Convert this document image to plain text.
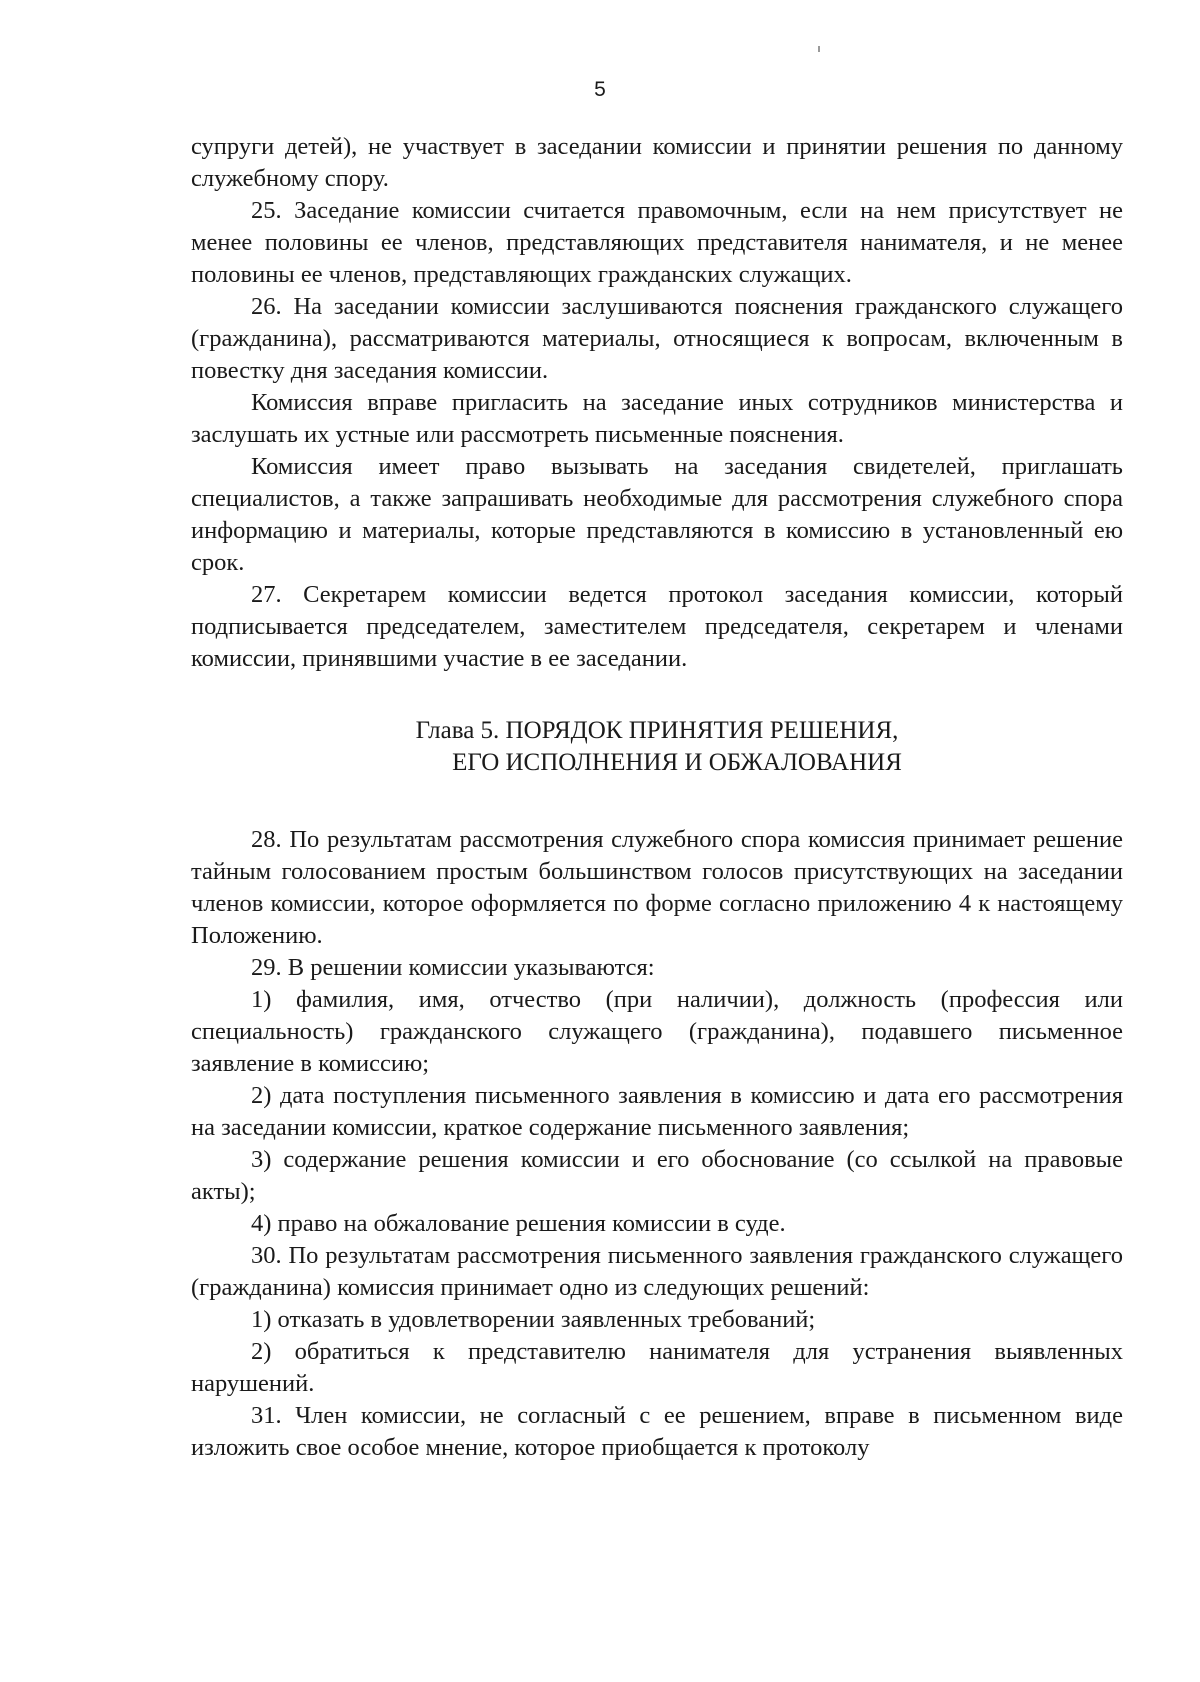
5

супруги детей), не участвует в заседании комиссии и принятии решения по данному служебному спору.

25. Заседание комиссии считается правомочным, если на нем присутствует не менее половины ее членов, представляющих представителя нанимателя, и не менее половины ее членов, представляющих гражданских служащих.

26. На заседании комиссии заслушиваются пояснения гражданского служащего (гражданина), рассматриваются материалы, относящиеся к вопросам, включенным в повестку дня заседания комиссии.

Комиссия вправе пригласить на заседание иных сотрудников министерства и заслушать их устные или рассмотреть письменные пояснения.

Комиссия имеет право вызывать на заседания свидетелей, приглашать специалистов, а также запрашивать необходимые для рассмотрения служебного спора информацию и материалы, которые представляются в комиссию в установленный ею срок.

27. Секретарем комиссии ведется протокол заседания комиссии, который подписывается председателем, заместителем председателя, секретарем и членами комиссии, принявшими участие в ее заседании.

Глава 5. ПОРЯДОК ПРИНЯТИЯ РЕШЕНИЯ,
ЕГО ИСПОЛНЕНИЯ И ОБЖАЛОВАНИЯ

28. По результатам рассмотрения служебного спора комиссия принимает решение тайным голосованием простым большинством голосов присутствующих на заседании членов комиссии, которое оформляется по форме согласно приложению 4 к настоящему Положению.

29. В решении комиссии указываются:

1) фамилия, имя, отчество (при наличии), должность (профессия или специальность) гражданского служащего (гражданина), подавшего письменное заявление в комиссию;

2) дата поступления письменного заявления в комиссию и дата его рассмотрения на заседании комиссии, краткое содержание письменного заявления;

3) содержание решения комиссии и его обоснование (со ссылкой на правовые акты);

4) право на обжалование решения комиссии в суде.

30. По результатам рассмотрения письменного заявления гражданского служащего (гражданина) комиссия принимает одно из следующих решений:

1) отказать в удовлетворении заявленных требований;

2) обратиться к представителю нанимателя для устранения выявленных нарушений.

31. Член комиссии, не согласный с ее решением, вправе в письменном виде изложить свое особое мнение, которое приобщается к протоколу
